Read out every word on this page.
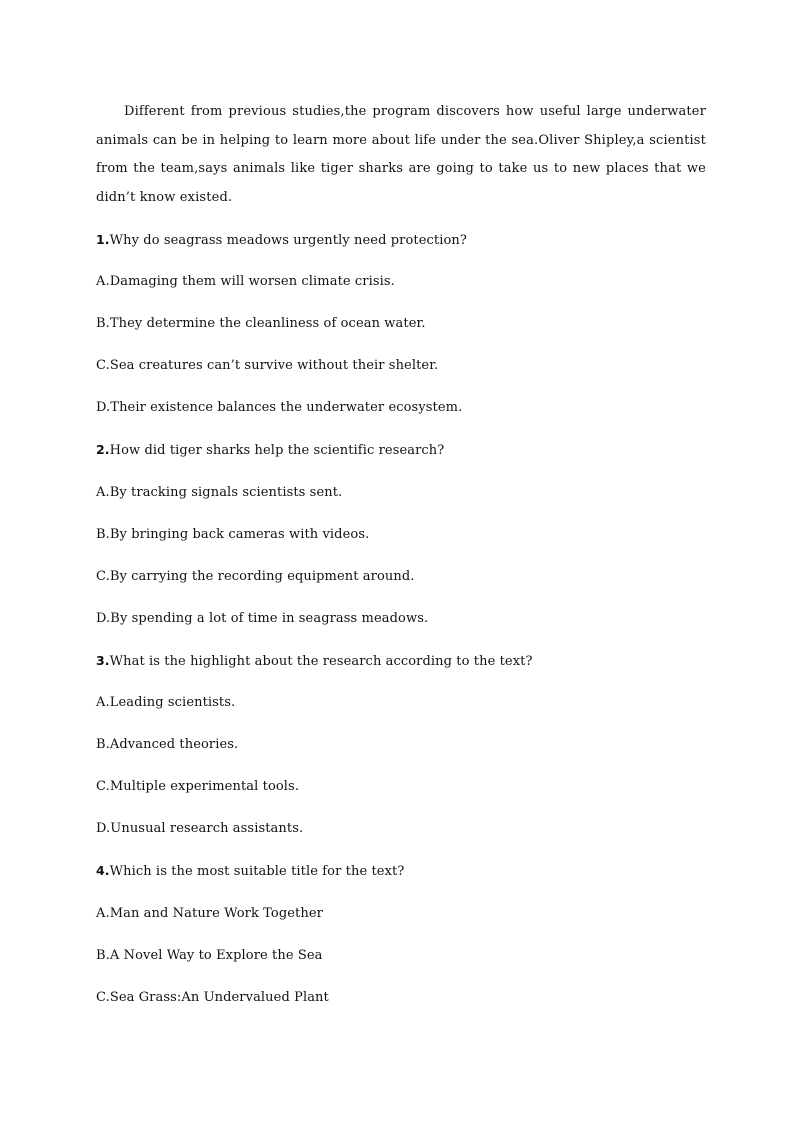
Different from previous studies,the program discovers how useful large underwater animals can be in helping to learn more about life under the sea.Oliver Shipley,a scientist from the team,says animals like tiger sharks are going to take us to new places that we didn’t know existed.

1.Why do seagrass meadows urgently need protection?
A.Damaging them will worsen climate crisis.
B.They determine the cleanliness of ocean water.
C.Sea creatures can’t survive without their shelter.
D.Their existence balances the underwater ecosystem.
2.How did tiger sharks help the scientific research?
A.By tracking signals scientists sent.
B.By bringing back cameras with videos.
C.By carrying the recording equipment around.
D.By spending a lot of time in seagrass meadows.
3.What is the highlight about the research according to the text?
A.Leading scientists.
B.Advanced theories.
C.Multiple experimental tools.
D.Unusual research assistants.
4.Which is the most suitable title for the text?
A.Man and Nature Work Together
B.A Novel Way to Explore the Sea
C.Sea Grass:An Undervalued Plant
